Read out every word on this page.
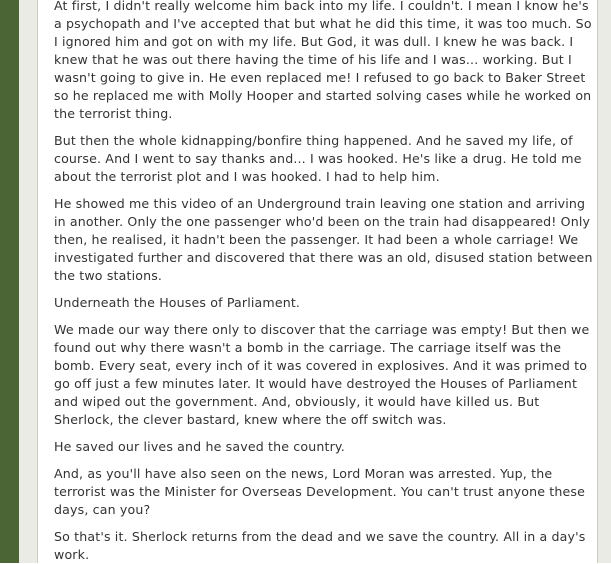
At first, I didn't really welcome him back into my life. I couldn't. I mean I know he's a psychopath and I've accepted that but what he did this time, it was too much. So I ignored him and got on with my life. But God, it was dull. I knew he was back. I knew that he was out there having the time of his life and I was... working. But I wasn't going to give in. He even replaced me! I refused to go back to Baker Street so he replaced me with Molly Hooper and started solving cases while he worked on the terrorist thing.

But then the whole kidnapping/bonfire thing happened. And he saved my life, of course. And I went to say thanks and... I was hooked. He's like a drug. He told me about the terrorist plot and I was hooked. I had to help him.

He showed me this video of an Underground train leaving one station and arriving in another. Only the one passenger who'd been on the train had disappeared! Only then, he realised, it hadn't been the passenger. It had been a whole carriage! We investigated further and discovered that there was an old, disused station between the two stations.

Underneath the Houses of Parliament.

We made our way there only to discover that the carriage was empty! But then we found out why there wasn't a bomb in the carriage. The carriage itself was the bomb. Every seat, every inch of it was covered in explosives. And it was primed to go off just a few minutes later. It would have destroyed the Houses of Parliament and wiped out the government. And, obviously, it would have killed us. But Sherlock, the clever bastard, knew where the off switch was.

He saved our lives and he saved the country.

And, as you'll have also seen on the news, Lord Moran was arrested. Yup, the terrorist was the Minister for Overseas Development. You can't trust anyone these days, can you?

So that's it. Sherlock returns from the dead and we save the country. All in a day's work.
